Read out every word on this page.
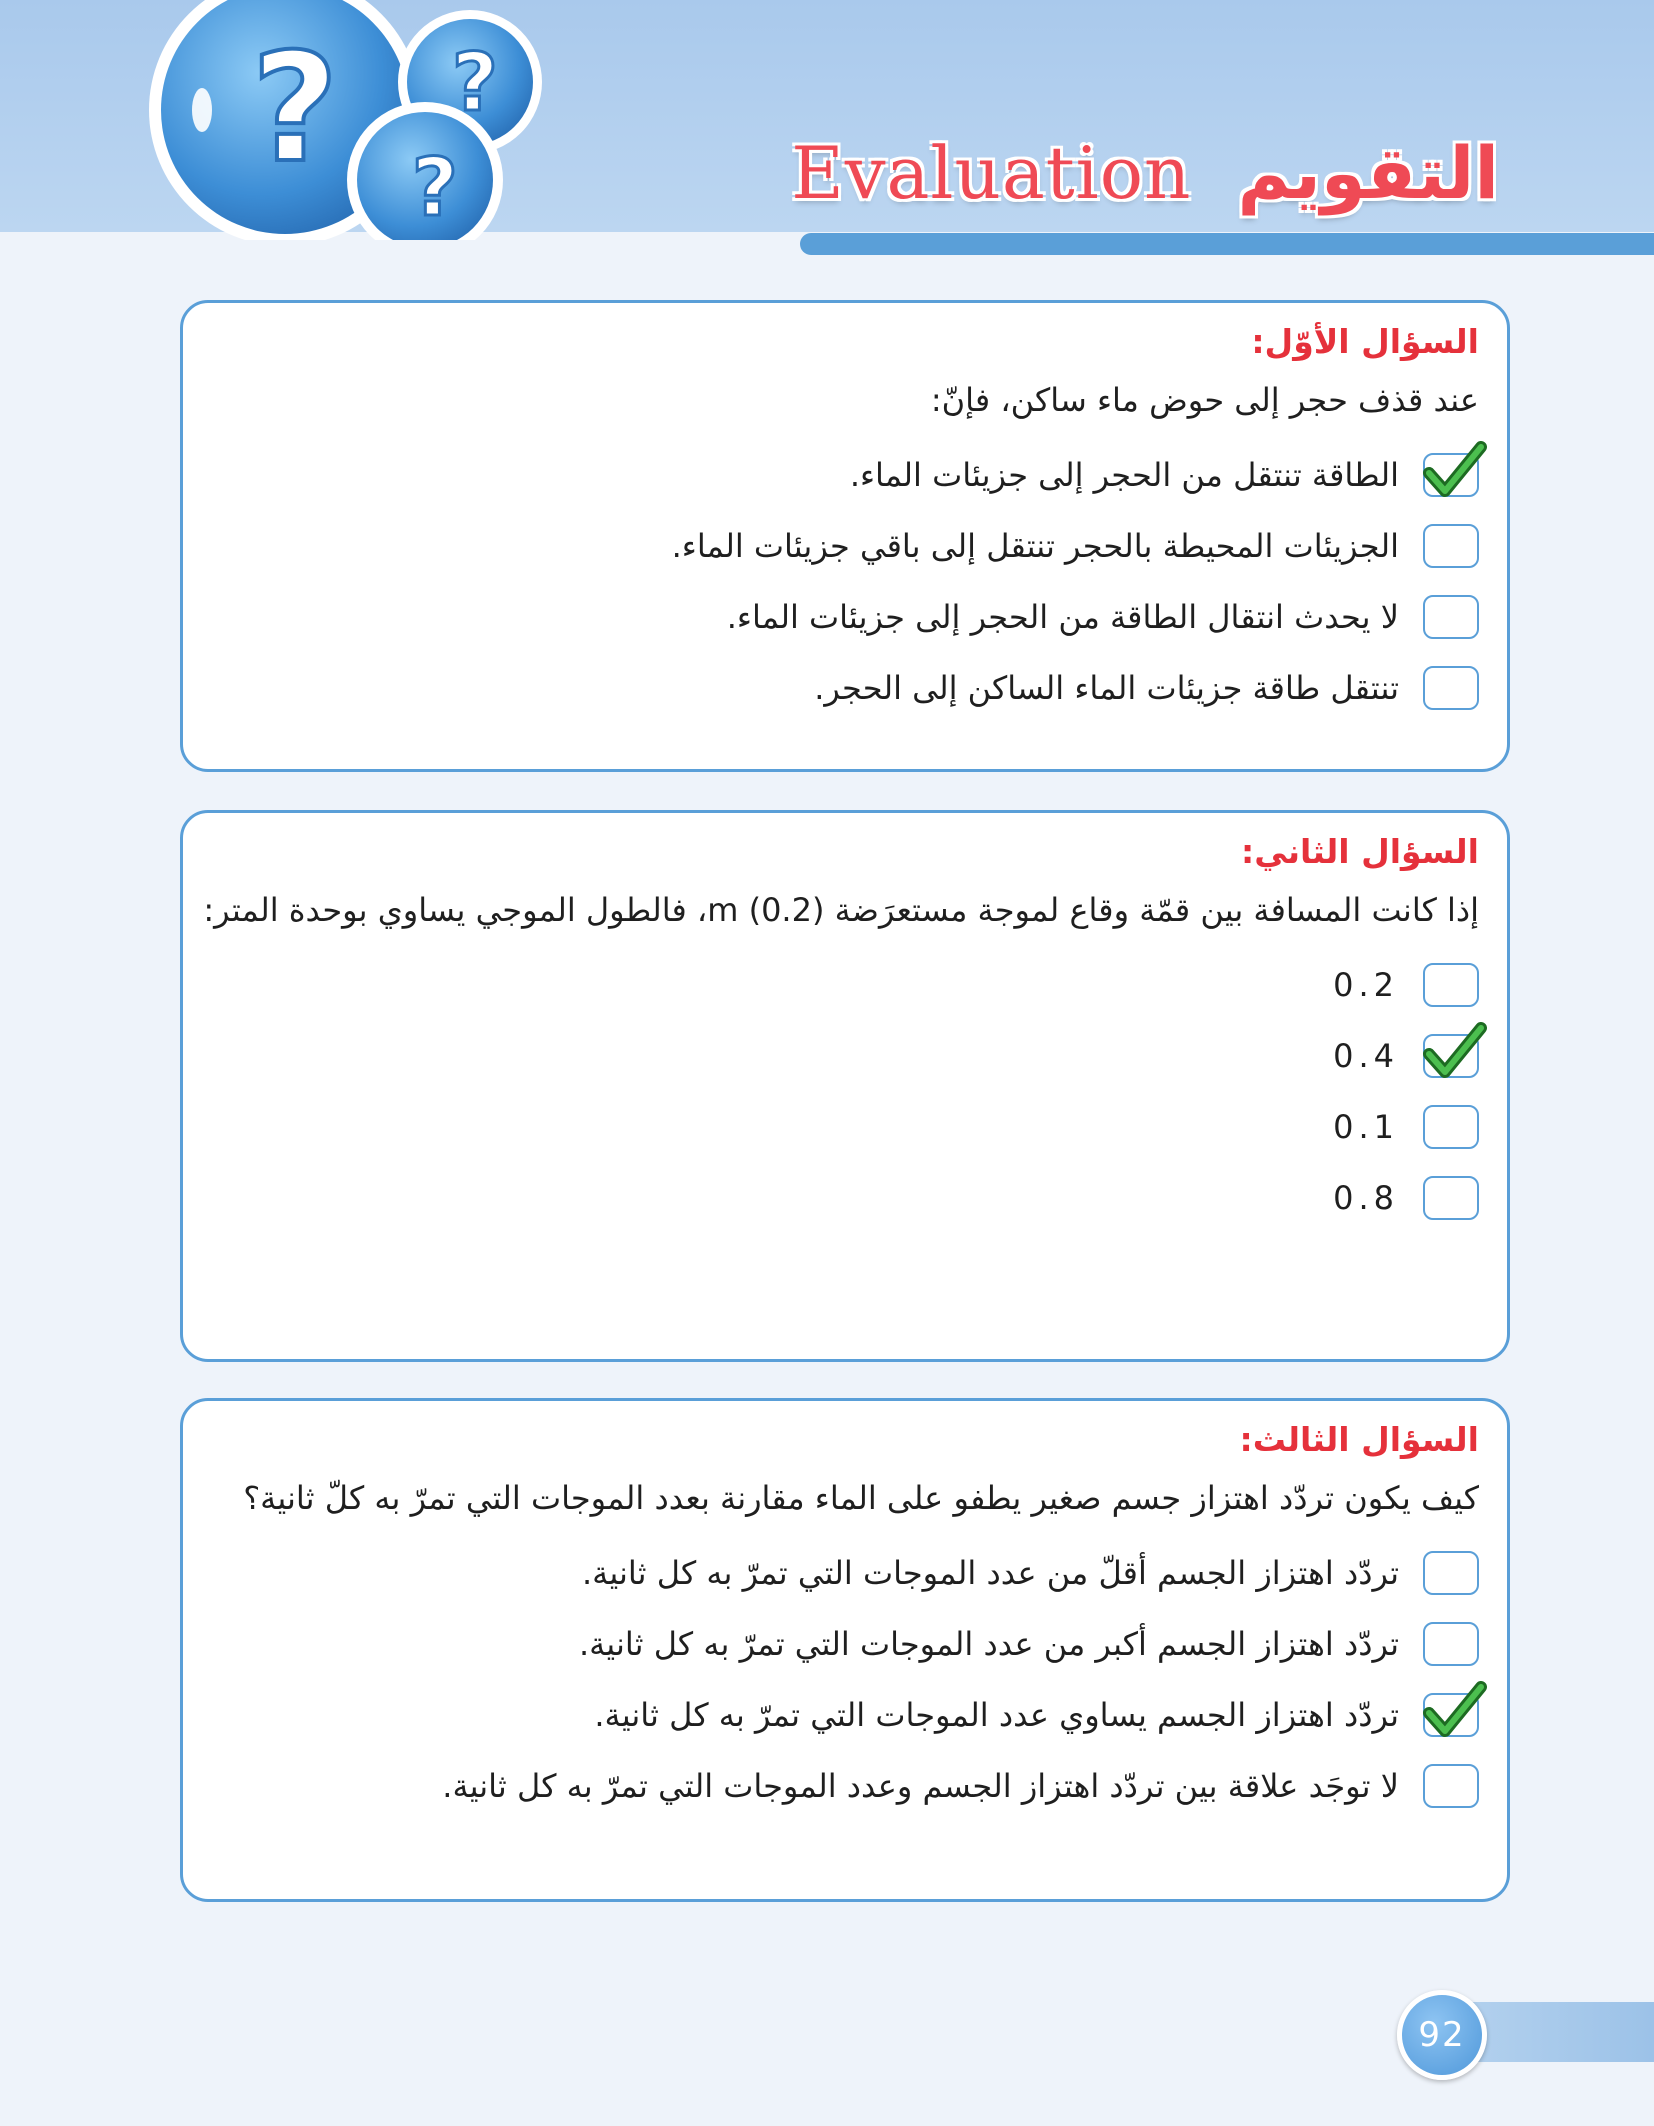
? ?
?	Evaluation التقويم
السؤال الأوّل:

عند قذف حجر إلى حوض ماء ساكن، فإنّ:

الطاقة تنتقل من الحجر إلى جزيئات الماء.
الجزيئات المحيطة بالحجر تنتقل إلى باقي جزيئات الماء.
لا يحدث انتقال الطاقة من الحجر إلى جزيئات الماء.
تنتقل طاقة جزيئات الماء الساكن إلى الحجر.
السؤال الثاني:

إذا كانت المسافة بين قمّة وقاع لموجة مستعرَضة m (0.2)، فالطول الموجي يساوي بوحدة المتر:

0.2
0.4
0.1
0.8
السؤال الثالث:

كيف يكون تردّد اهتزاز جسم صغير يطفو على الماء مقارنة بعدد الموجات التي تمرّ به كلّ ثانية؟

تردّد اهتزاز الجسم أقلّ من عدد الموجات التي تمرّ به كل ثانية.
تردّد اهتزاز الجسم أكبر من عدد الموجات التي تمرّ به كل ثانية.
تردّد اهتزاز الجسم يساوي عدد الموجات التي تمرّ به كل ثانية.
لا توجَد علاقة بين تردّد اهتزاز الجسم وعدد الموجات التي تمرّ به كل ثانية.
92
